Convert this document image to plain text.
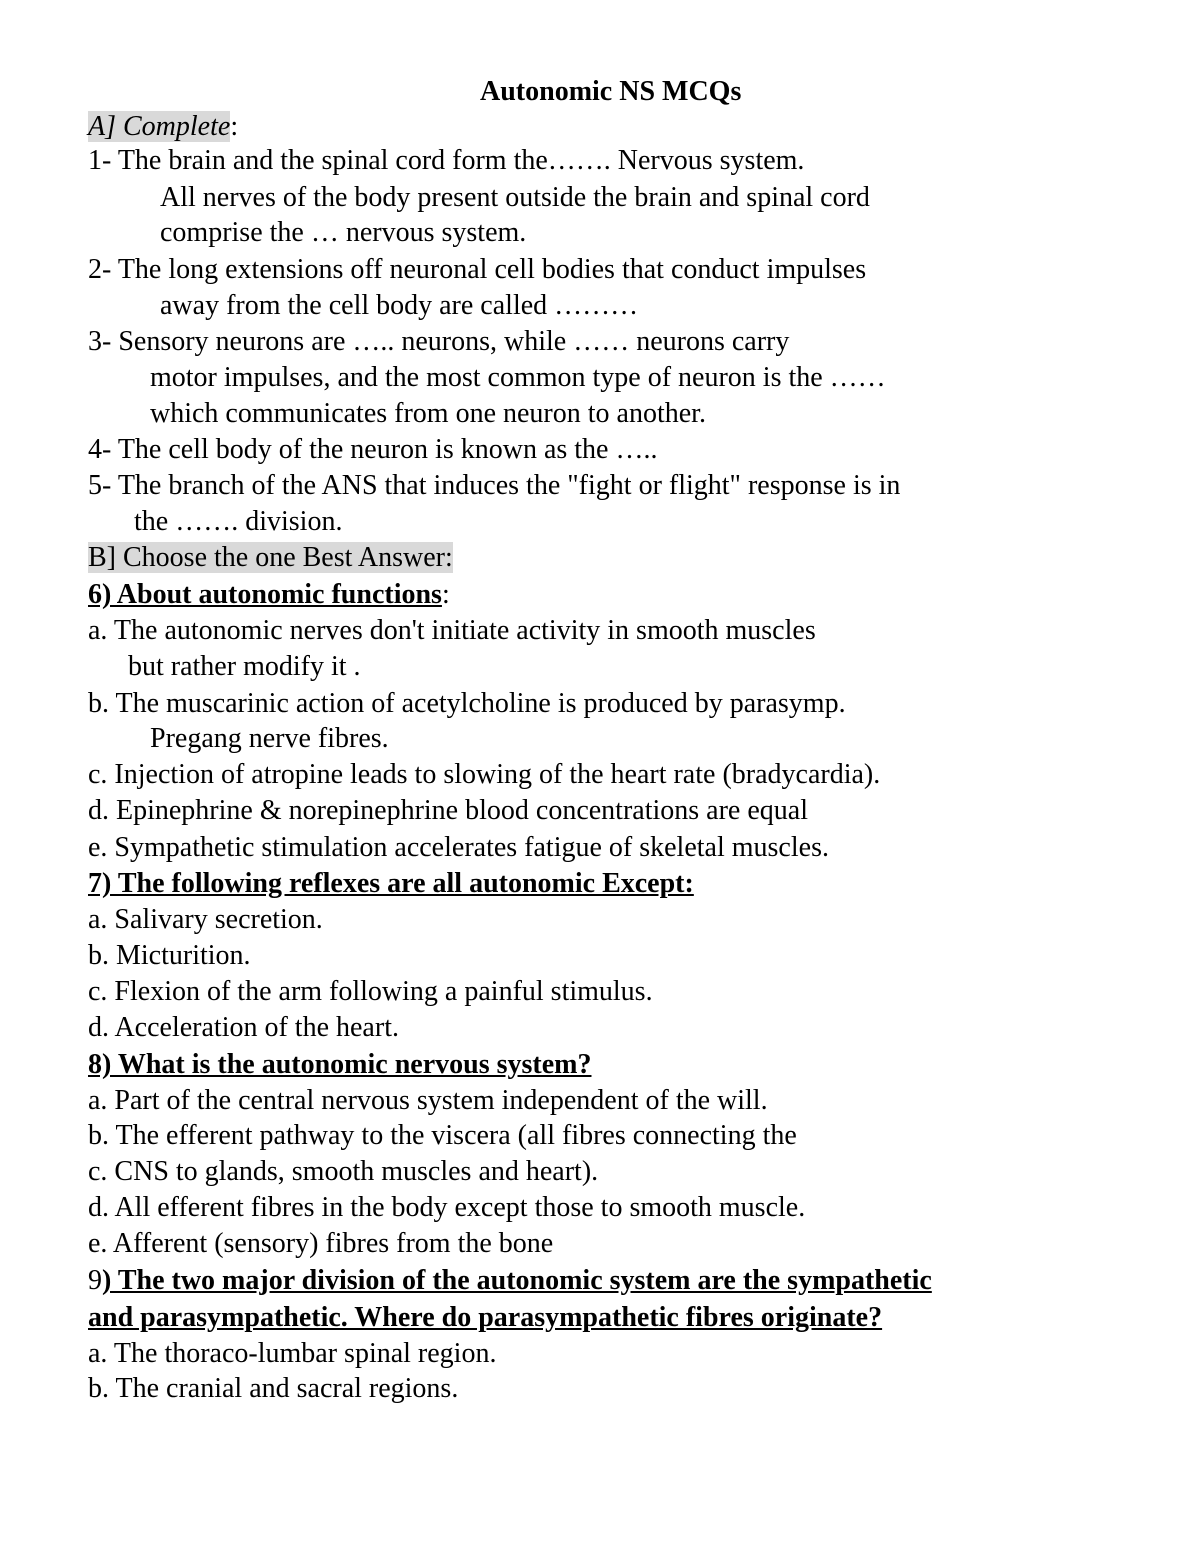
Autonomic NS MCQs
A] Complete:
1- The brain and the spinal cord form the……. Nervous system.
All nerves of the body present outside the brain and spinal cord
comprise the … nervous system.
2- The long extensions off neuronal cell bodies that conduct impulses
away from the cell body are called ………
3- Sensory neurons are ….. neurons, while …… neurons carry
motor impulses, and the most common type of neuron is the ……
which communicates from one neuron to another.
4- The cell body of the neuron is known as the …..
5- The branch of the ANS that induces the "fight or flight" response is in
the ……. division.
B] Choose the one Best Answer:
6) About autonomic functions:
a. The autonomic nerves don't initiate activity in smooth muscles
but rather modify it .
b. The muscarinic action of acetylcholine is produced by parasymp.
Pregang nerve fibres.
c. Injection of atropine leads to slowing of the heart rate (bradycardia).
d. Epinephrine & norepinephrine blood concentrations are equal
e. Sympathetic stimulation accelerates fatigue of skeletal muscles.
7) The following reflexes are all autonomic Except:
a. Salivary secretion.
b. Micturition.
c. Flexion of the arm following a painful stimulus.
d. Acceleration of the heart.
8) What is the autonomic nervous system?
a. Part of the central nervous system independent of the will.
b. The efferent pathway to the viscera (all fibres connecting the
c. CNS to glands, smooth muscles and heart).
d. All efferent fibres in the body except those to smooth muscle.
e. Afferent (sensory) fibres from the bone
9) The two major division of the autonomic system are the sympathetic
and parasympathetic. Where do parasympathetic fibres originate?
a. The thoraco-lumbar spinal region.
b. The cranial and sacral regions.
